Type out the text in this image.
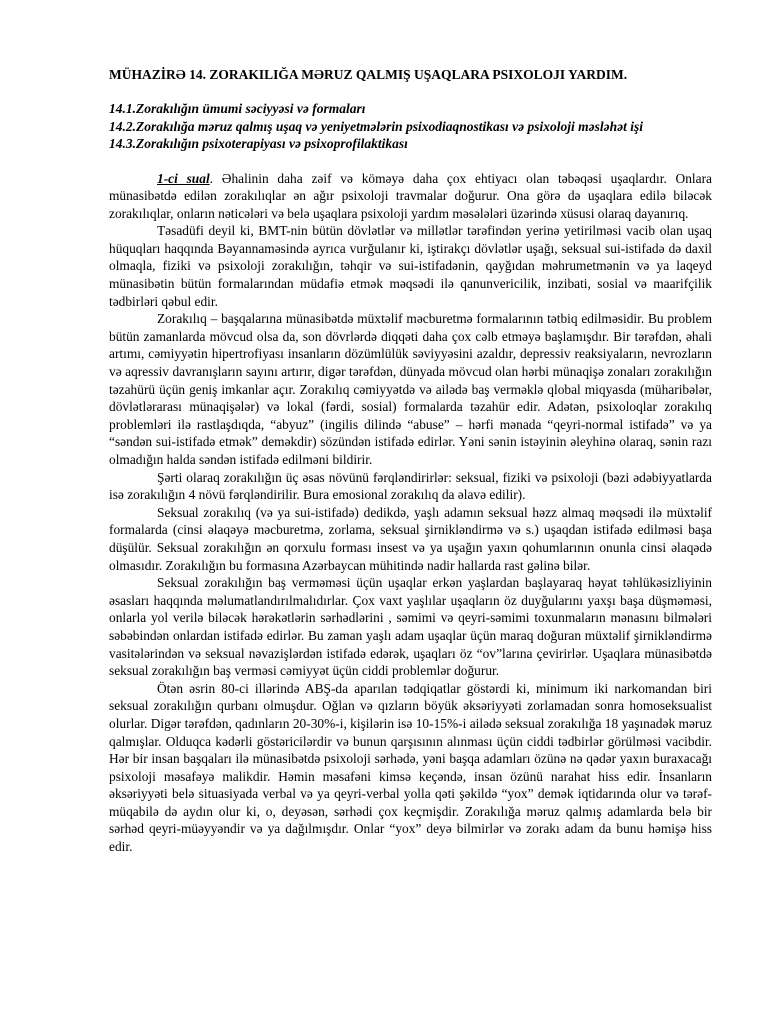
MÜHAZİRƏ 14. ZORAKILIĞA MƏRUZ QALMIŞ UŞAQLARA PSIXOLOJI YARDIM.
14.1.Zorakılığın ümumi səciyyəsi və formaları
14.2.Zorakılığa məruz qalmış uşaq və yeniyetmələrin psixodiaqnostikası və psixoloji məsləhət işi
14.3.Zorakılığın psixoterapiyası və psixoprofilaktikası

1-ci sual. Əhalinin daha zəif və köməyə daha çox ehtiyacı olan təbəqəsi uşaqlardır. Onlara münasibətdə edilən zorakılıqlar ən ağır psixoloji travmalar doğurur. Ona görə də uşaqlara edilə biləcək zorakılıqlar, onların nəticələri və belə uşaqlara psixoloji yardım məsələləri üzərində xüsusi olaraq dayanırıq.

Təsadüfi deyil ki, BMT-nin bütün dövlətlər və millətlər tərəfindən yerinə yetirilməsi vacib olan uşaq hüquqları haqqında Bəyannaməsində ayrıca vurğulanır ki, iştirakçı dövlətlər uşağı, seksual sui-istifadə də daxil olmaqla, fiziki və psixoloji zorakılığın, təhqir və sui-istifadənin, qayğıdan məhrumetmənin və ya laqeyd münasibətin bütün formalarından müdafiə etmək məqsədi ilə qanunvericilik, inzibati, sosial və maarifçilik tədbirləri qəbul edir.

Zorakılıq – başqalarına münasibətdə müxtəlif məcburetmə formalarının tətbiq edilməsidir. Bu problem bütün zamanlarda mövcud olsa da, son dövrlərdə diqqəti daha çox cəlb etməyə başlamışdır. Bir tərəfdən, əhali artımı, cəmiyyətin hipertrofiyası insanların dözümlülük səviyyəsini azaldır, depressiv reaksiyaların, nevrozların və aqressiv davranışların sayını artırır, digər tərəfdən, dünyada mövcud olan hərbi münaqişə zonaları zorakılığın təzahürü üçün geniş imkanlar açır. Zorakılıq cəmiyyətdə və ailədə baş verməklə qlobal miqyasda (müharibələr, dövlətlərarası münaqişələr) və lokal (fərdi, sosial) formalarda təzahür edir. Adətən, psixoloqlar zorakılıq problemləri ilə rastlaşdıqda, “abyuz” (ingilis dilində “abuse” – hərfi mənada “qeyri-normal istifadə” və ya “səndən sui-istifadə etmək” deməkdir) sözündən istifadə edirlər. Yəni sənin istəyinin əleyhinə olaraq, sənin razı olmadığın halda səndən istifadə edilməni bildirir.

Şərti olaraq zorakılığın üç əsas növünü fərqləndirirlər: seksual, fiziki və psixoloji (bəzi ədəbiyyatlarda isə zorakılığın 4 növü fərqləndirilir. Bura emosional zorakılıq da əlavə edilir).

Seksual zorakılıq (və ya sui-istifadə) dedikdə, yaşlı adamın seksual həzz almaq məqsədi ilə müxtəlif formalarda (cinsi əlaqəyə məcburetmə, zorlama, seksual şirnikləndirmə və s.) uşaqdan istifadə edilməsi başa düşülür. Seksual zorakılığın ən qorxulu forması insest və ya uşağın yaxın qohumlarının onunla cinsi əlaqədə olmasıdır. Zorakılığın bu formasına Azərbaycan mühitində nadir hallarda rast gəlinə bilər.

Seksual zorakılığın baş verməməsi üçün uşaqlar erkən yaşlardan başlayaraq həyat təhlükəsizliyinin əsasları haqqında məlumatlandırılmalıdırlar. Çox vaxt yaşlılar uşaqların öz duyğularını yaxşı başa düşməməsi, onlarla yol verilə biləcək hərəkətlərin sərhədlərini , səmimi və qeyri-səmimi toxunmaların mənasını bilmələri səbəbindən onlardan istifadə edirlər. Bu zaman yaşlı adam uşaqlar üçün maraq doğuran müxtəlif şirnikləndirmə vasitələrindən və seksual nəvazişlərdən istifadə edərək, uşaqları öz “ov”larına çevirirlər. Uşaqlara münasibətdə seksual zorakılığın baş verməsi cəmiyyət üçün ciddi problemlər doğurur.

Ötən əsrin 80-ci illərində ABŞ-da aparılan tədqiqatlar göstərdi ki, minimum iki narkomandan biri seksual zorakılığın qurbanı olmuşdur. Oğlan və qızların böyük əksəriyyəti zorlamadan sonra homoseksualist olurlar. Digər tərəfdən, qadınların 20-30%-i, kişilərin isə 10-15%-i ailədə seksual zorakılığa 18 yaşınadək məruz qalmışlar. Olduqca kədərli göstəricilərdir və bunun qarşısının alınması üçün ciddi tədbirlər görülməsi vacibdir. Hər bir insan başqaları ilə münasibətdə psixoloji sərhədə, yəni başqa adamları özünə nə qədər yaxın buraxacağı psixoloji məsafəyə malikdir. Həmin məsafəni kimsə keçəndə, insan özünü narahat hiss edir. İnsanların əksəriyyəti belə situasiyada verbal və ya qeyri-verbal yolla qəti şəkildə “yox” demək iqtidarında olur və tərəf-müqabilə də aydın olur ki, o, deyəsən, sərhədi çox keçmişdir. Zorakılığa məruz qalmış adamlarda belə bir sərhəd qeyri-müəyyəndir və ya dağılmışdır. Onlar “yox” deyə bilmirlər və zorakı adam da bunu həmişə hiss edir.
